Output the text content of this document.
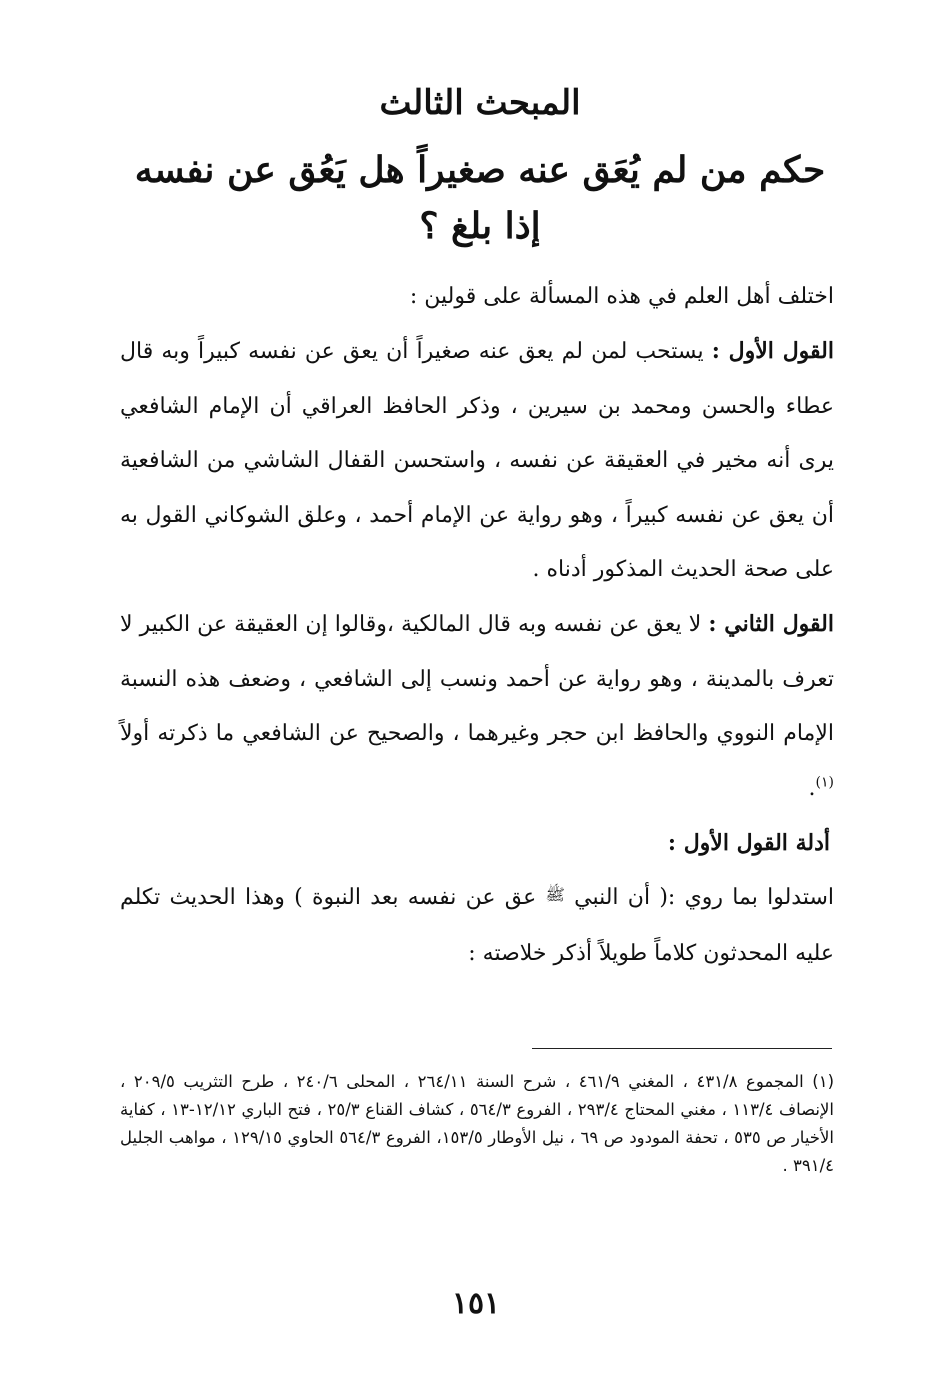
المبحث الثالث
حكم من لم يُعَق عنه صغيراً هل يَعُق عن نفسه إذا بلغ ؟

اختلف أهل العلم في هذه المسألة على قولين :

القول الأول : يستحب لمن لم يعق عنه صغيراً أن يعق عن نفسه كبيراً وبه قال عطاء والحسن ومحمد بن سيرين ، وذكر الحافظ العراقي أن الإمام الشافعي يرى أنه مخير في العقيقة عن نفسه ، واستحسن القفال الشاشي من الشافعية أن يعق عن نفسه كبيراً ، وهو رواية عن الإمام أحمد ، وعلق الشوكاني القول به على صحة الحديث المذكور أدناه .

القول الثاني : لا يعق عن نفسه وبه قال المالكية ،وقالوا إن العقيقة عن الكبير لا تعرف بالمدينة ، وهو رواية عن أحمد ونسب إلى الشافعي ، وضعف هذه النسبة الإمام النووي والحافظ ابن حجر وغيرهما ، والصحيح عن الشافعي ما ذكرته أولاً $^{(١)}$.

أدلة القول الأول :

استدلوا بما روي :( أن النبي ﷺ عق عن نفسه بعد النبوة ) وهذا الحديث تكلم عليه المحدثون كلاماً طويلاً أذكر خلاصته :

(١) المجموع ٤٣١/٨ ، المغني ٤٦١/٩ ، شرح السنة ٢٦٤/١١ ، المحلى ٢٤٠/٦ ، طرح التثريب ٢٠٩/٥ ، الإنصاف ١١٣/٤ ، مغني المحتاج ٢٩٣/٤ ، الفروع ٥٦٤/٣ ، كشاف القناع ٢٥/٣ ، فتح الباري ١٢/١٢-١٣ ، كفاية الأخيار ص ٥٣٥ ، تحفة المودود ص ٦٩ ، نيل الأوطار ١٥٣/٥، الفروع ٥٦٤/٣ الحاوي ١٢٩/١٥ ، مواهب الجليل ٣٩١/٤ .

١٥١
